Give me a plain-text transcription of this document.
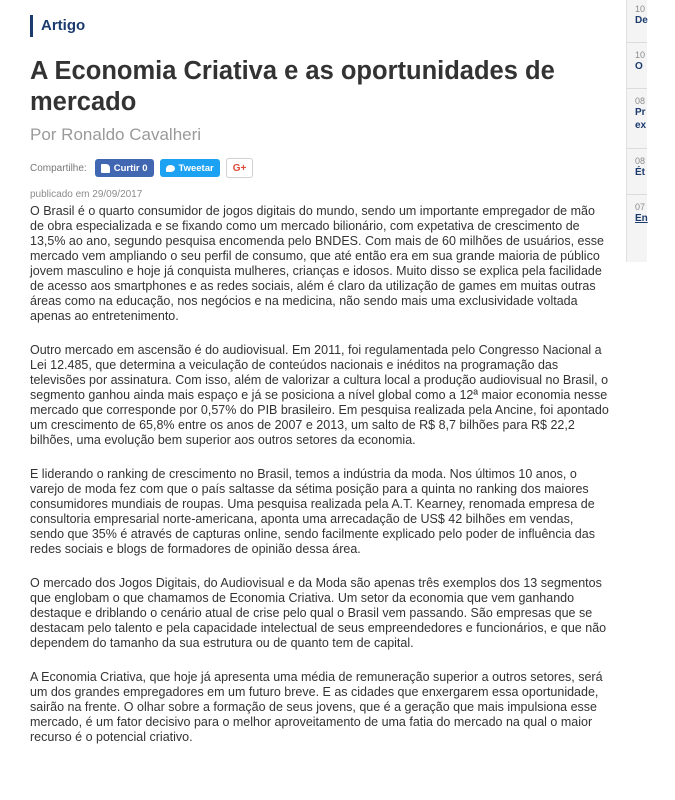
Artigo
A Economia Criativa e as oportunidades de mercado
Por Ronaldo Cavalheri
Compartilhe:	Curtir 0	Tweetar	G+
publicado em 29/09/2017

O Brasil é o quarto consumidor de jogos digitais do mundo, sendo um importante empregador de mão de obra especializada e se fixando como um mercado bilionário, com expetativa de crescimento de 13,5% ao ano, segundo pesquisa encomenda pelo BNDES. Com mais de 60 milhões de usuários, esse mercado vem ampliando o seu perfil de consumo, que até então era em sua grande maioria de público jovem masculino e hoje já conquista mulheres, crianças e idosos. Muito disso se explica pela facilidade de acesso aos smartphones e as redes sociais, além é claro da utilização de games em muitas outras áreas como na educação, nos negócios e na medicina, não sendo mais uma exclusividade voltada apenas ao entretenimento.

Outro mercado em ascensão é do audiovisual. Em 2011, foi regulamentada pelo Congresso Nacional a Lei 12.485, que determina a veiculação de conteúdos nacionais e inéditos na programação das televisões por assinatura. Com isso, além de valorizar a cultura local a produção audiovisual no Brasil, o segmento ganhou ainda mais espaço e já se posiciona a nível global como a 12ª maior economia nesse mercado que corresponde por 0,57% do PIB brasileiro. Em pesquisa realizada pela Ancine, foi apontado um crescimento de 65,8% entre os anos de 2007 e 2013, um salto de R$ 8,7 bilhões para R$ 22,2 bilhões, uma evolução bem superior aos outros setores da economia.

E liderando o ranking de crescimento no Brasil, temos a indústria da moda. Nos últimos 10 anos, o varejo de moda fez com que o país saltasse da sétima posição para a quinta no ranking dos maiores consumidores mundiais de roupas. Uma pesquisa realizada pela A.T. Kearney, renomada empresa de consultoria empresarial norte-americana, aponta uma arrecadação de US$ 42 bilhões em vendas, sendo que 35% é através de capturas online, sendo facilmente explicado pelo poder de influência das redes sociais e blogs de formadores de opinião dessa área.

O mercado dos Jogos Digitais, do Audiovisual e da Moda são apenas três exemplos dos 13 segmentos que englobam o que chamamos de Economia Criativa. Um setor da economia que vem ganhando destaque e driblando o cenário atual de crise pelo qual o Brasil vem passando. São empresas que se destacam pelo talento e pela capacidade intelectual de seus empreendedores e funcionários, e que não dependem do tamanho da sua estrutura ou de quanto tem de capital.

A Economia Criativa, que hoje já apresenta uma média de remuneração superior a outros setores, será um dos grandes empregadores em um futuro breve. E as cidades que enxergarem essa oportunidade, sairão na frente. O olhar sobre a formação de seus jovens, que é a geração que mais impulsiona esse mercado, é um fator decisivo para o melhor aproveitamento de uma fatia do mercado na qual o maior recurso é o potencial criativo.

10
De
10
O
08
Pr ex
08
Ét
07
En
